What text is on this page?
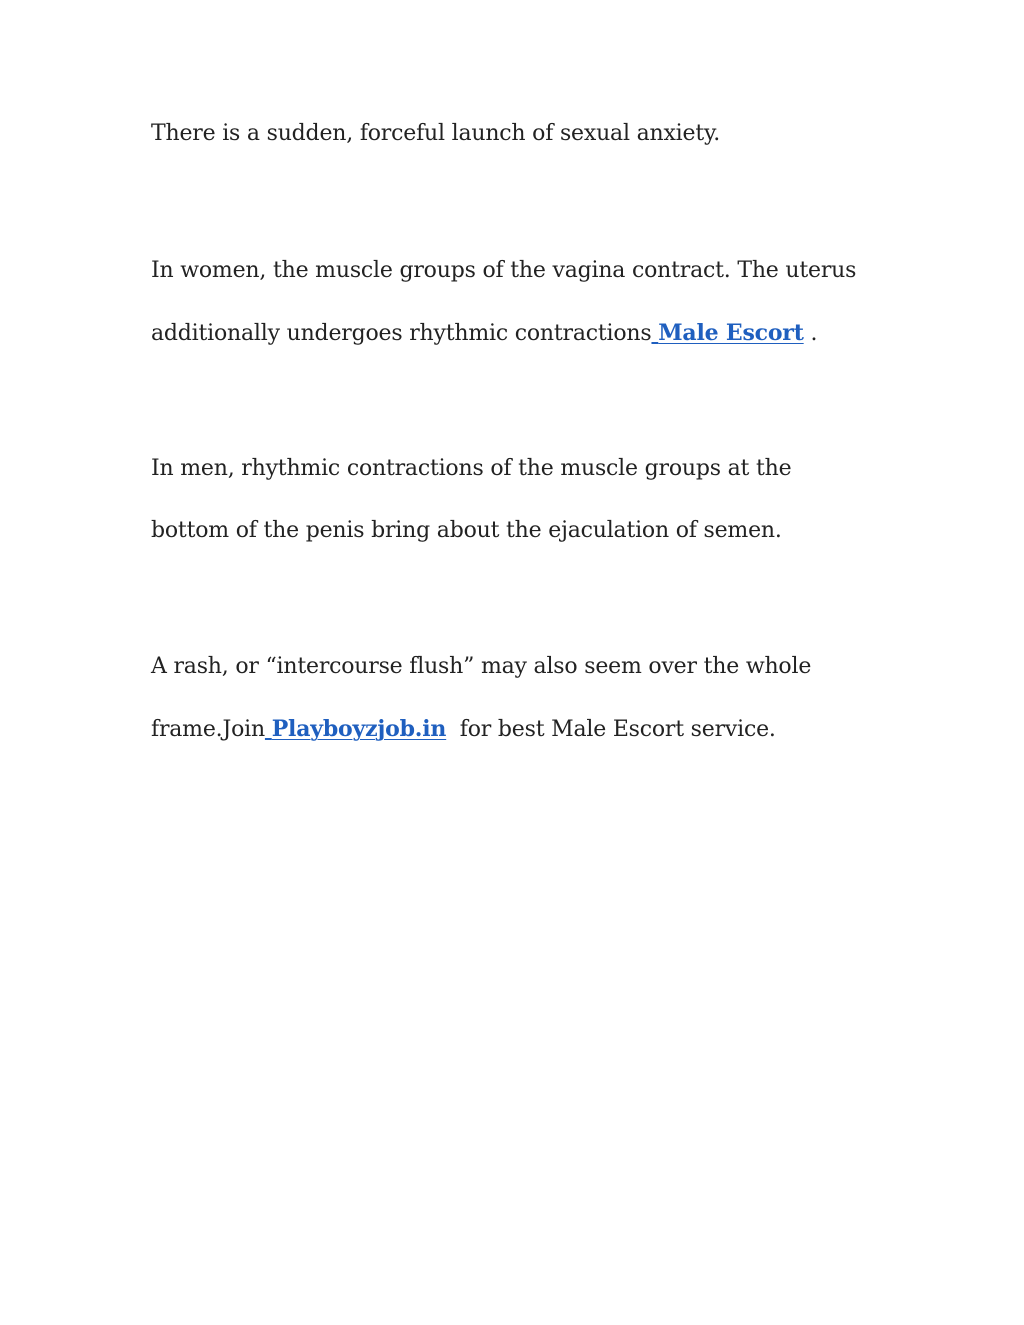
There is a sudden, forceful launch of sexual anxiety.
In women, the muscle groups of the vagina contract. The uterus
additionally undergoes rhythmic contractions Male Escort .
In men, rhythmic contractions of the muscle groups at the
bottom of the penis bring about the ejaculation of semen.
A rash, or “intercourse flush” may also seem over the whole
frame.Join Playboyzjob.in  for best Male Escort service.
